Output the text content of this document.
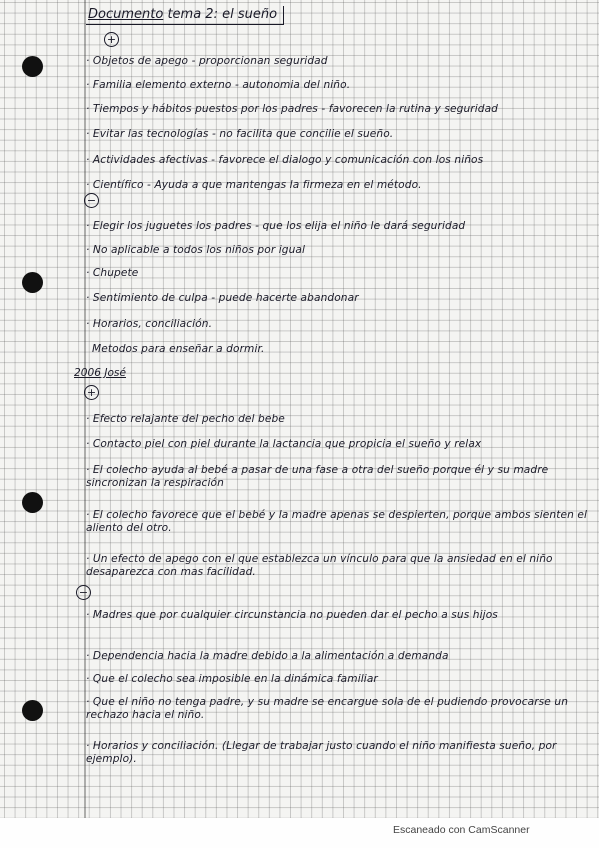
Documento tema 2: el sueño
+
· Objetos de apego - proporcionan seguridad
· Familia elemento externo - autonomia del niño.
· Tiempos y hábitos puestos por los padres - favorecen la rutina y seguridad
· Evitar las tecnologías - no facilita que concilie el sueño.
· Actividades afectivas - favorece el dialogo y comunicación con los niños
· Científico - Ayuda a que mantengas la firmeza en el método.
−
· Elegir los juguetes los padres - que los elija el niño le dará seguridad
· No aplicable a todos los niños por igual
· Chupete
· Sentimiento de culpa - puede hacerte abandonar
· Horarios, conciliación.
Metodos para enseñar a dormir.
2006 José
+
· Efecto relajante del pecho del bebe
· Contacto piel con piel durante la lactancia que propicia el sueño y relax
· El colecho ayuda al bebé a pasar de una fase a otra del sueño porque él y su madre sincronizan la respiración
· El colecho favorece que el bebé y la madre apenas se despierten, porque ambos sienten el aliento del otro.
· Un efecto de apego con el que establezca un vínculo para que la ansiedad en el niño desaparezca con mas facilidad.
−
· Madres que por cualquier circunstancia no pueden dar el pecho a sus hijos
· Dependencia hacia la madre debido a la alimentación a demanda
· Que el colecho sea imposible en la dinámica familiar
· Que el niño no tenga padre, y su madre se encargue sola de el pudiendo provocarse un rechazo hacia el niño.
· Horarios y conciliación. (Llegar de trabajar justo cuando el niño manifiesta sueño, por ejemplo).
Escaneado con CamScanner
